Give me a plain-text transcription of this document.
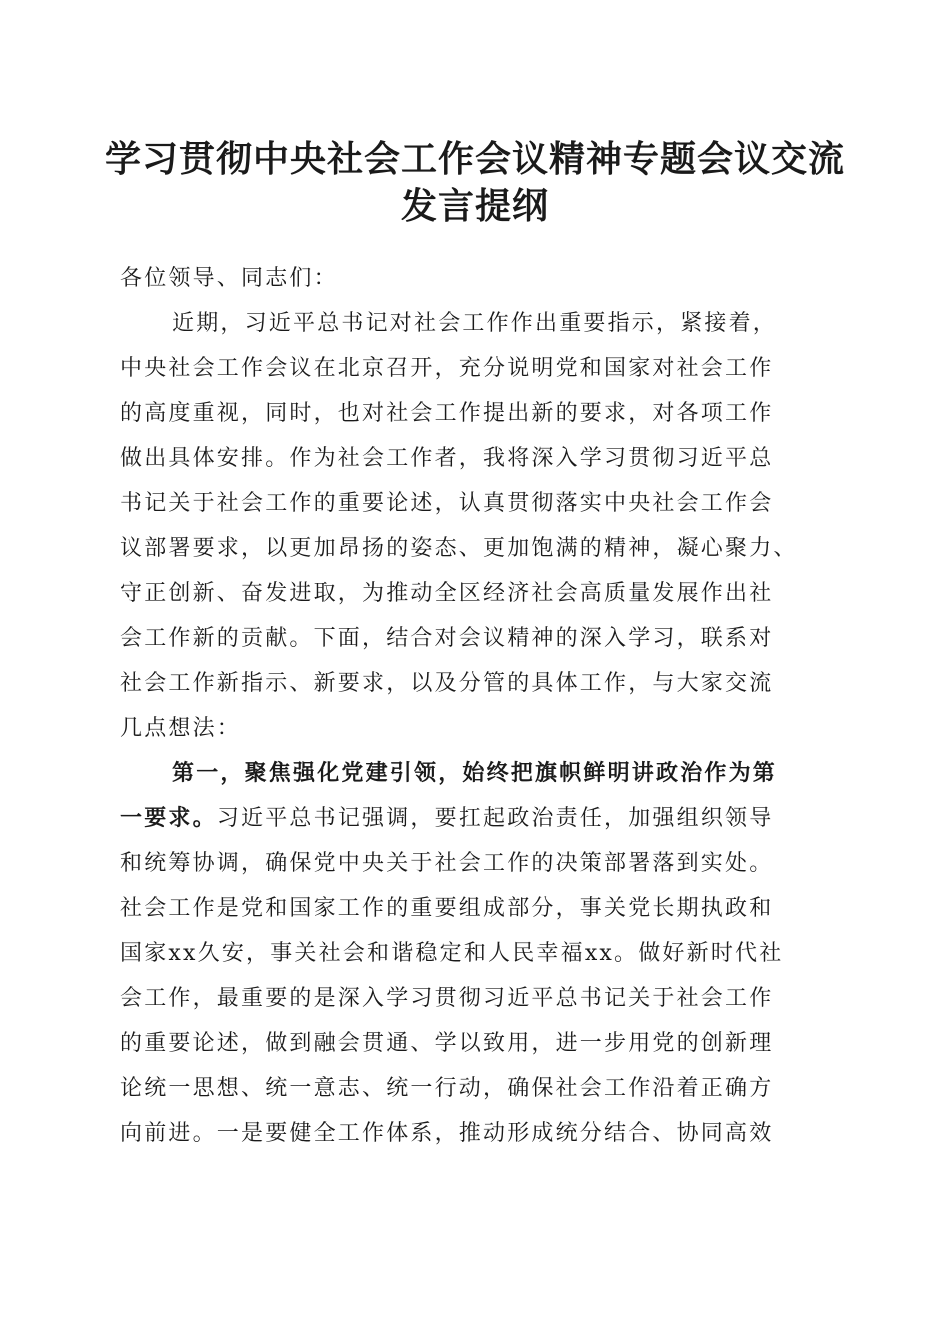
学习贯彻中央社会工作会议精神专题会议交流
发言提纲
各位领导、同志们：
近期，习近平总书记对社会工作作出重要指示，紧接着，
中央社会工作会议在北京召开，充分说明党和国家对社会工作
的高度重视，同时，也对社会工作提出新的要求，对各项工作
做出具体安排。作为社会工作者，我将深入学习贯彻习近平总
书记关于社会工作的重要论述，认真贯彻落实中央社会工作会
议部署要求，以更加昂扬的姿态、更加饱满的精神，凝心聚力、
守正创新、奋发进取，为推动全区经济社会高质量发展作出社
会工作新的贡献。下面，结合对会议精神的深入学习，联系对
社会工作新指示、新要求，以及分管的具体工作，与大家交流
几点想法：
第一，聚焦强化党建引领，始终把旗帜鲜明讲政治作为第
一要求。习近平总书记强调，要扛起政治责任，加强组织领导
和统筹协调，确保党中央关于社会工作的决策部署落到实处。
社会工作是党和国家工作的重要组成部分，事关党长期执政和
国家xx久安，事关社会和谐稳定和人民幸福xx。做好新时代社
会工作，最重要的是深入学习贯彻习近平总书记关于社会工作
的重要论述，做到融会贯通、学以致用，进一步用党的创新理
论统一思想、统一意志、统一行动，确保社会工作沿着正确方
向前进。一是要健全工作体系，推动形成统分结合、协同高效
